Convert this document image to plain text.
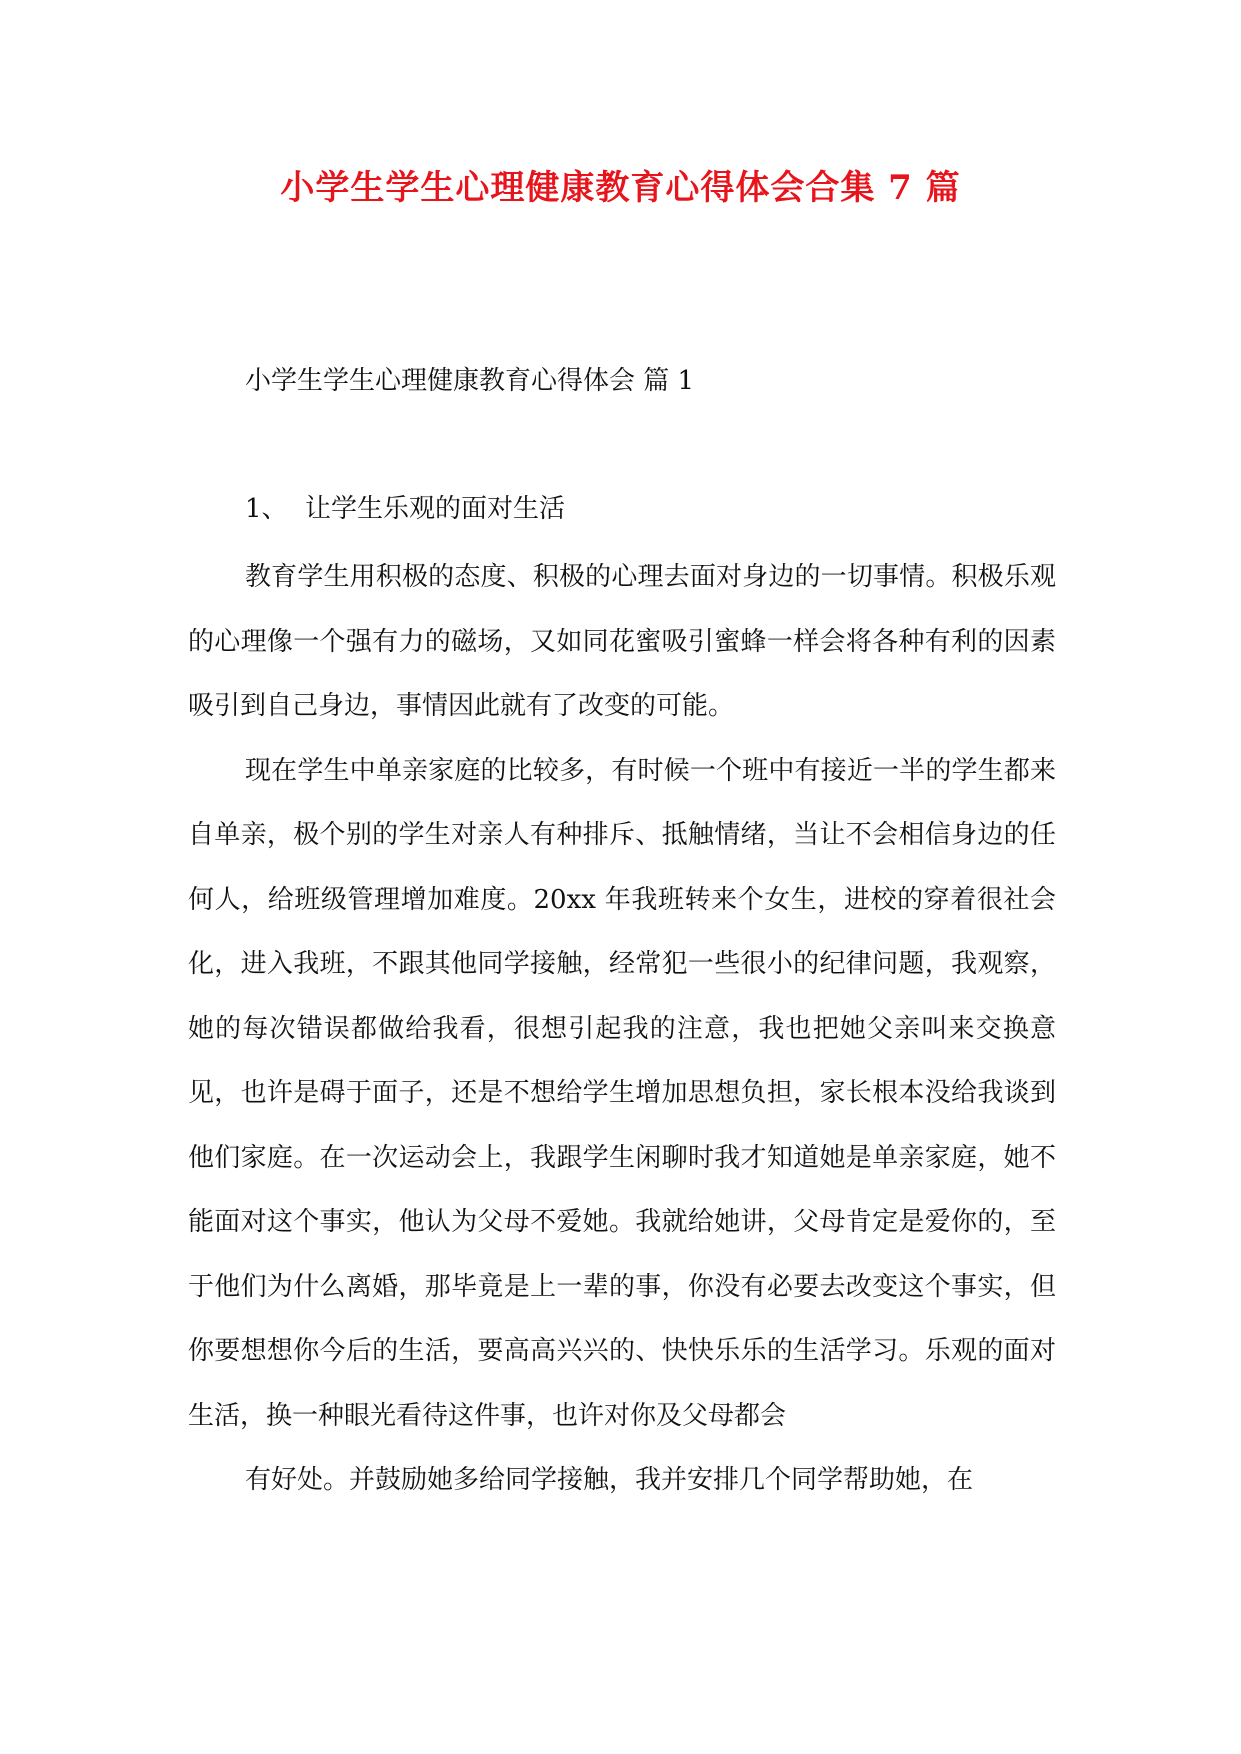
小学生学生心理健康教育心得体会合集 7 篇
小学生学生心理健康教育心得体会 篇 1
1、 让学生乐观的面对生活

教育学生用积极的态度、积极的心理去面对身边的一切事情。积极乐观的心理像一个强有力的磁场，又如同花蜜吸引蜜蜂一样会将各种有利的因素吸引到自己身边，事情因此就有了改变的可能。

现在学生中单亲家庭的比较多，有时候一个班中有接近一半的学生都来自单亲，极个别的学生对亲人有种排斥、抵触情绪，当让不会相信身边的任何人，给班级管理增加难度。20xx 年我班转来个女生，进校的穿着很社会化，进入我班，不跟其他同学接触，经常犯一些很小的纪律问题，我观察，她的每次错误都做给我看，很想引起我的注意，我也把她父亲叫来交换意见，也许是碍于面子，还是不想给学生增加思想负担，家长根本没给我谈到他们家庭。在一次运动会上，我跟学生闲聊时我才知道她是单亲家庭，她不能面对这个事实，他认为父母不爱她。我就给她讲，父母肯定是爱你的，至于他们为什么离婚，那毕竟是上一辈的事，你没有必要去改变这个事实，但你要想想你今后的生活，要高高兴兴的、快快乐乐的生活学习。乐观的面对生活，换一种眼光看待这件事，也许对你及父母都会

有好处。并鼓励她多给同学接触，我并安排几个同学帮助她，在
